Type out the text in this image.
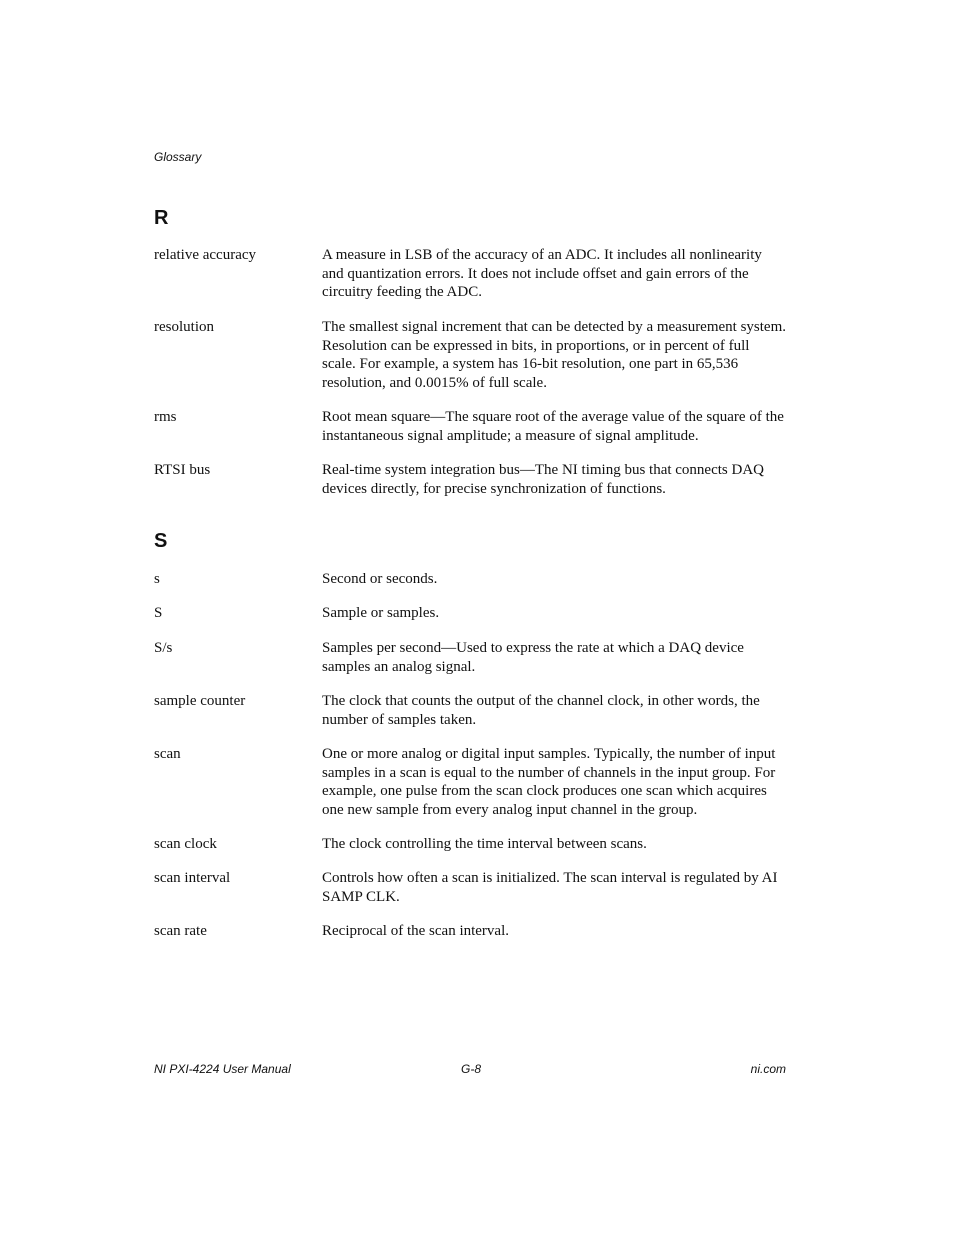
Glossary
R
relative accuracy	A measure in LSB of the accuracy of an ADC. It includes all nonlinearity and quantization errors. It does not include offset and gain errors of the circuitry feeding the ADC.
resolution	The smallest signal increment that can be detected by a measurement system. Resolution can be expressed in bits, in proportions, or in percent of full scale. For example, a system has 16-bit resolution, one part in 65,536 resolution, and 0.0015% of full scale.
rms	Root mean square—The square root of the average value of the square of the instantaneous signal amplitude; a measure of signal amplitude.
RTSI bus	Real-time system integration bus—The NI timing bus that connects DAQ devices directly, for precise synchronization of functions.
S
s	Second or seconds.
S	Sample or samples.
S/s	Samples per second—Used to express the rate at which a DAQ device samples an analog signal.
sample counter	The clock that counts the output of the channel clock, in other words, the number of samples taken.
scan	One or more analog or digital input samples. Typically, the number of input samples in a scan is equal to the number of channels in the input group. For example, one pulse from the scan clock produces one scan which acquires one new sample from every analog input channel in the group.
scan clock	The clock controlling the time interval between scans.
scan interval	Controls how often a scan is initialized. The scan interval is regulated by AI SAMP CLK.
scan rate	Reciprocal of the scan interval.
NI PXI-4224 User Manual	G-8	ni.com
